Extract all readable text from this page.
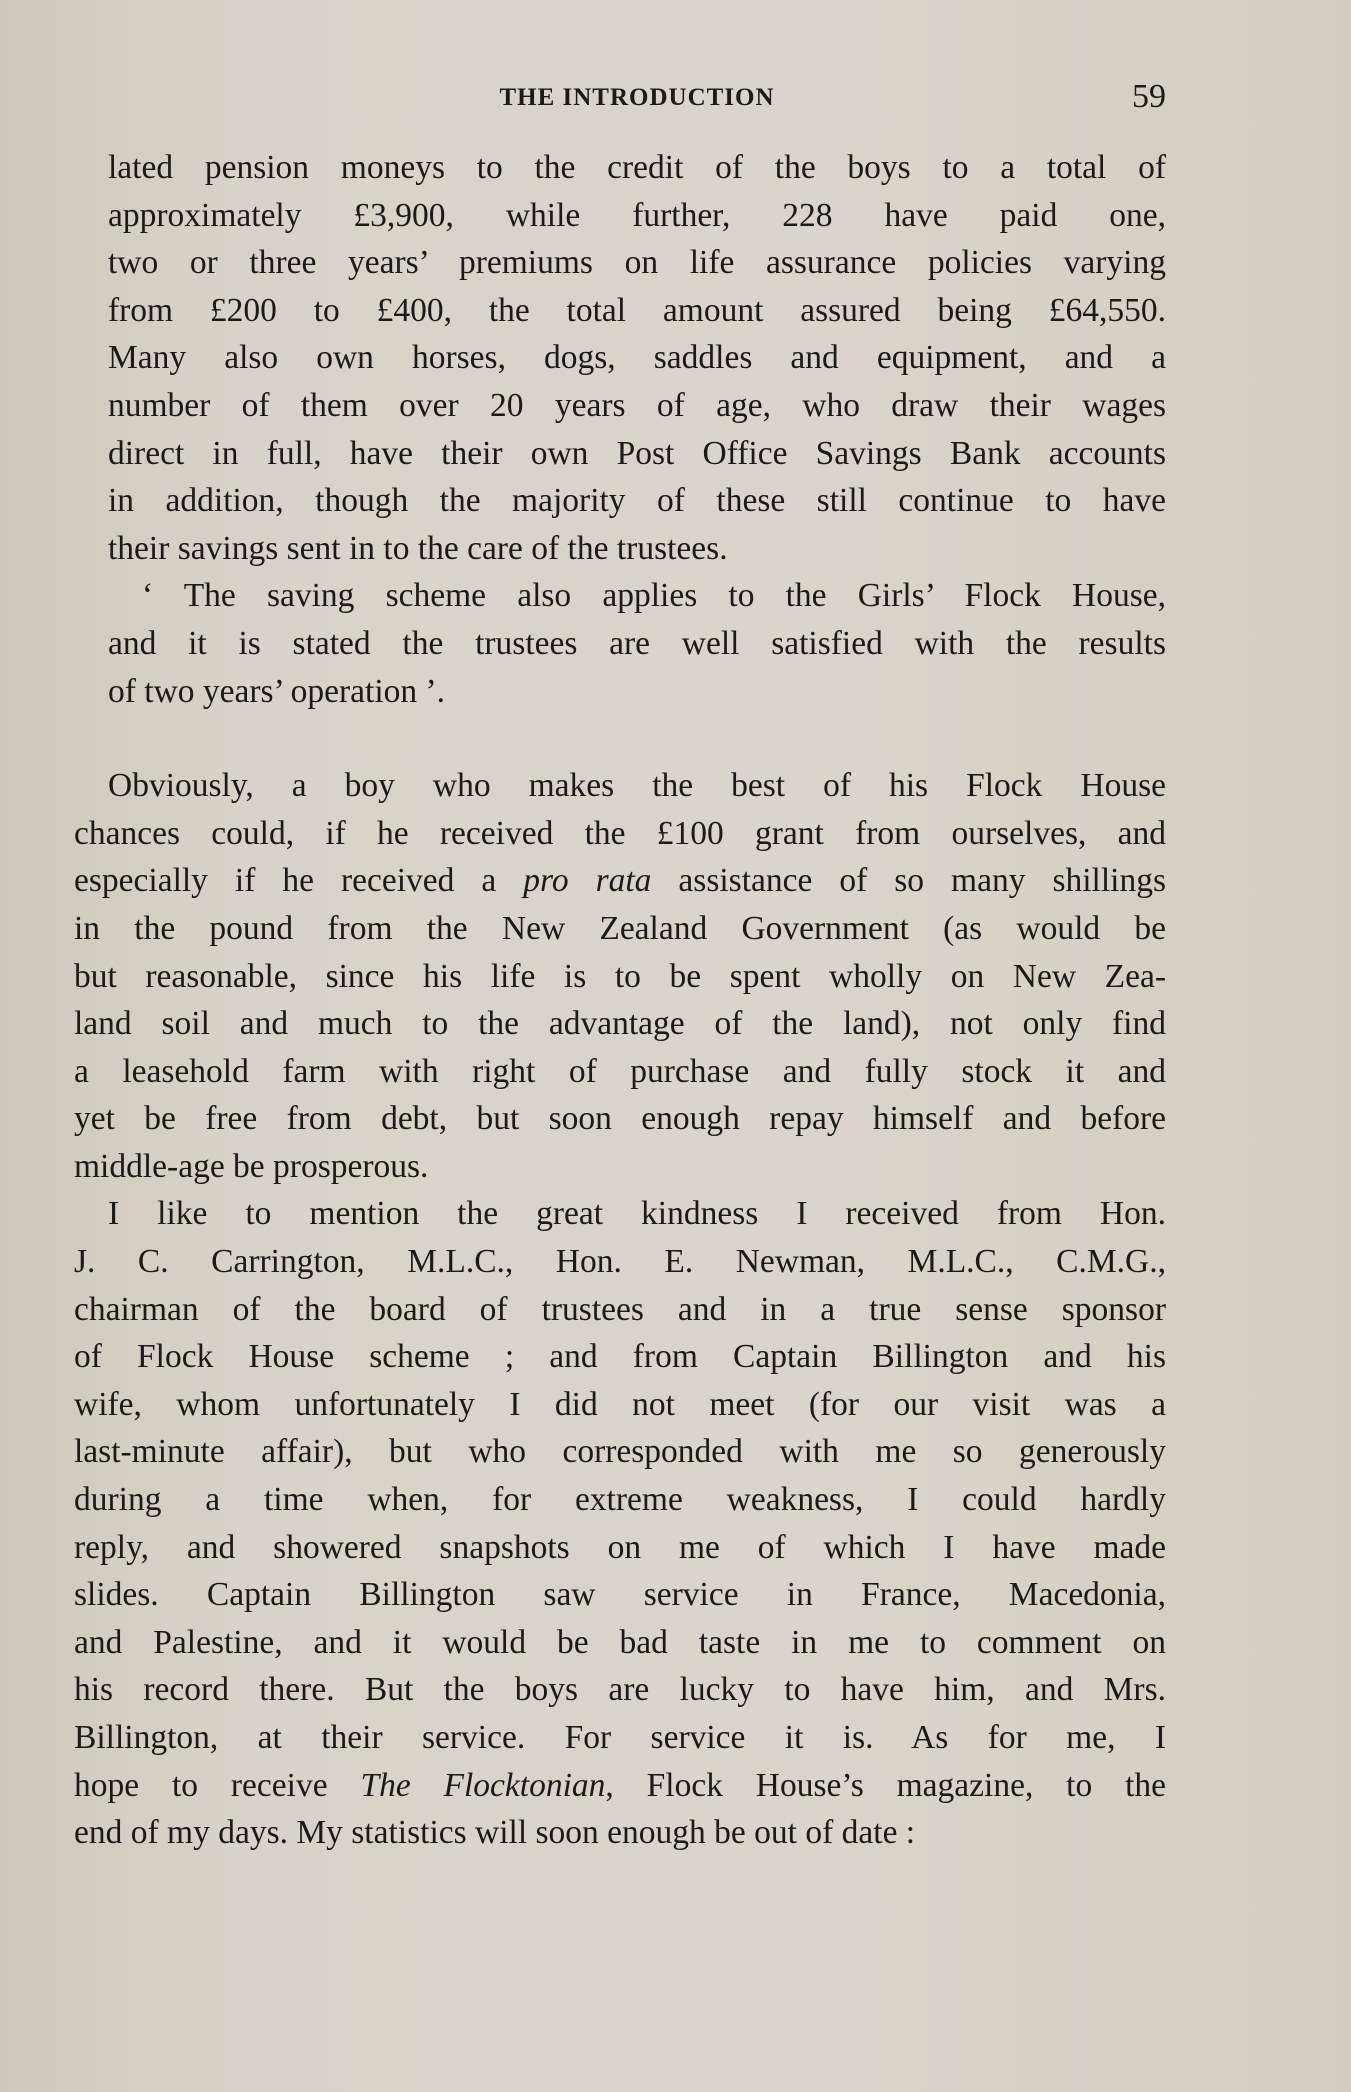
THE INTRODUCTION	59
lated pension moneys to the credit of the boys to a total of
approximately £3,900, while further, 228 have paid one,
two or three years’ premiums on life assurance policies varying
from £200 to £400, the total amount assured being £64,550.
Many also own horses, dogs, saddles and equipment, and a
number of them over 20 years of age, who draw their wages
direct in full, have their own Post Office Savings Bank accounts
in addition, though the majority of these still continue to have
their savings sent in to the care of the trustees.
‘ The saving scheme also applies to the Girls’ Flock House,
and it is stated the trustees are well satisfied with the results
of two years’ operation ’.
Obviously, a boy who makes the best of his Flock House
chances could, if he received the £100 grant from ourselves, and
especially if he received a pro rata assistance of so many shillings
in the pound from the New Zealand Government (as would be
but reasonable, since his life is to be spent wholly on New Zea-
land soil and much to the advantage of the land), not only find
a leasehold farm with right of purchase and fully stock it and
yet be free from debt, but soon enough repay himself and before
middle-age be prosperous.
I like to mention the great kindness I received from Hon.
J. C. Carrington, M.L.C., Hon. E. Newman, M.L.C., C.M.G.,
chairman of the board of trustees and in a true sense sponsor
of Flock House scheme ; and from Captain Billington and his
wife, whom unfortunately I did not meet (for our visit was a
last-minute affair), but who corresponded with me so generously
during a time when, for extreme weakness, I could hardly
reply, and showered snapshots on me of which I have made
slides. Captain Billington saw service in France, Macedonia,
and Palestine, and it would be bad taste in me to comment on
his record there. But the boys are lucky to have him, and Mrs.
Billington, at their service. For service it is. As for me, I
hope to receive The Flocktonian, Flock House’s magazine, to the
end of my days. My statistics will soon enough be out of date :
